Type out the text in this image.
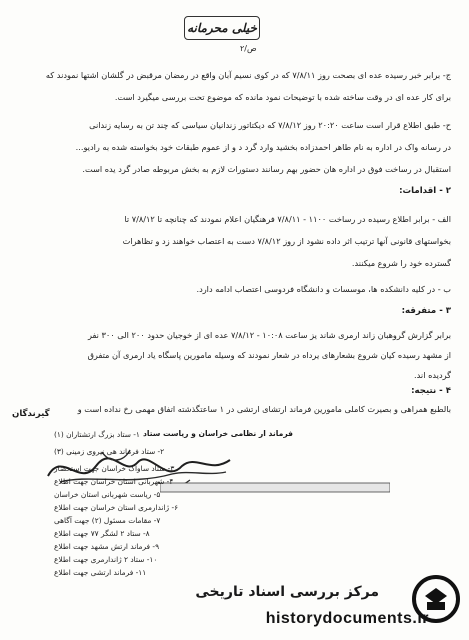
خیلی محرمانه
ص/۲
ج- برابر خبر رسیده عده ای بصحت روز ۷/۸/۱۱ که در کوی نسیم آبان واقع در رمضان مرقبض در گلشان اشتها نمودند که
برای کار عده ای در وقت ساخته شده با توضیحات نمود مانده که موضوع تحت بررسی میگیرد است.
ح- طبق اطلاع قرار است ساعت ۲۰:۲۰ روز ۷/۸/۱۲ که دیکتاتور زندانیان سیاسی که چند تن به رسایه زندانی
در رسانه واک در اداره به نام طاهر احمدزاده بخشید وارد گرد د و از عموم طبقات خود بخواسته شده به رادیو...
استقبال در رساخت فوق در اداره هان حضور بهم رسانند دستورات لازم به بخش مربوطه صادر گرد یده است.
۲ - اقدامات:
الف - برابر اطلاع رسیده در رساخت ۱۱۰۰ - ۷/۸/۱۱ فرهنگیان اعلام نمودند که چنانچه تا ۷/۸/۱۲ تا
بخواستهای قانونی آنها ترتیب اثر داده نشود از روز ۷/۸/۱۲ دست به اعتصاب خواهند زد و تظاهرات
گسترده خود را شروع میکنند.
ب - در کلیه دانشکده ها، موسسات و دانشگاه فردوسی اعتصاب ادامه دارد.
۳ - متفرقه:
برابر گزارش گروهبان زاند ارمری شاند یز ساعت ۱۰:۰۸ - ۷/۸/۱۲ عده ای از خوجیان حدود ۲۰۰ الی ۳۰۰ نفر
از مشهد رسیده کیان شروع بشعارهای یرداه در شعار نمودند که وسیله مامورین پاسگاه یاد ارمری آن متفرق
گردیده اند.
۴ - نتیجه:
بالطبع همراهی و بصیرت کاملی مامورین فرماند ارتشای ارتشی در ۱ ساعتگذشته اتفاق مهمی رخ نداده است و
گیرندگان
فرماند ار نظامی خراسان و ریاست ستاد
۱- ستاد بزرگ ارتشتاران (۱)
۲- ستاد فرماند هی نیروی زمینی (۳)
۳- ستاد ساواک خراسان جهت استحضار
۴- شهربانی استان خراسان جهت اطلاع
۵- ریاست شهربانی استان خراسان
۶- ژاندارمری استان خراسان جهت اطلاع
۷- مقامات مسئول (۲) جهت آگاهی
۸- ستاد ۲ لشگر ۷۷ جهت اطلاع
۹- فرماند ارتش مشهد جهت اطلاع
۱۰- ستاد ۲ ژاندارمری جهت اطلاع
۱۱- فرماند ارتشی جهت اطلاع
مرکز بررسی اسناد تاریخی
historydocuments.ir
